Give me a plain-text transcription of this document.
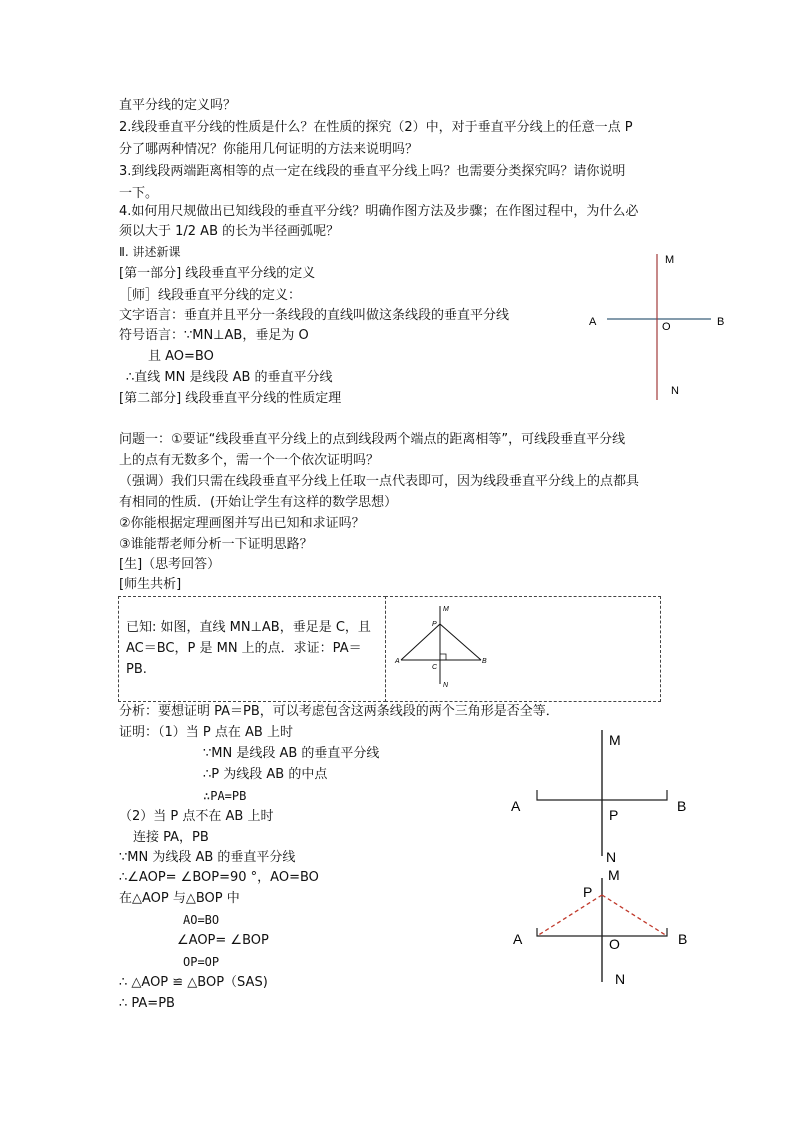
直平分线的定义吗？
2.线段垂直平分线的性质是什么？在性质的探究（2）中，对于垂直平分线上的任意一点 P
分了哪两种情况？你能用几何证明的方法来说明吗？
3.到线段两端距离相等的点一定在线段的垂直平分线上吗？也需要分类探究吗？请你说明
一下。
4.如何用尺规做出已知线段的垂直平分线？明确作图方法及步骤；在作图过程中，为什么必
须以大于 1/2 AB 的长为半径画弧呢？
Ⅱ. 讲述新课
[第一部分] 线段垂直平分线的定义
［师］线段垂直平分线的定义：
文字语言：垂直并且平分一条线段的直线叫做这条线段的垂直平分线
符号语言：∵MN⊥AB，垂足为 O
且 AO=BO
∴直线 MN 是线段 AB 的垂直平分线
[第二部分] 线段垂直平分线的性质定理
M
A	O	B
N
问题一：①要证“线段垂直平分线上的点到线段两个端点的距离相等”，可线段垂直平分线
上的点有无数多个，需一个一个依次证明吗？
（强调）我们只需在线段垂直平分线上任取一点代表即可，因为线段垂直平分线上的点都具
有相同的性质．(开始让学生有这样的数学思想）
②你能根据定理画图并写出已知和求证吗？
③谁能帮老师分析一下证明思路？
[生]（思考回答）
[师生共析]
已知: 如图，直线 MN⊥AB，垂足是 C，且
AC＝BC，P 是 MN 上的点．求证：PA＝
PB.
M
P
A
C
B
N
分析：要想证明 PA＝PB，可以考虑包含这两条线段的两个三角形是否全等．
证明：（1）当 P 点在 AB 上时
∵MN 是线段 AB 的垂直平分线
∴P 为线段 AB 的中点
∴PA=PB
（2）当 P 点不在 AB 上时
连接 PA，PB
∵MN 为线段 AB 的垂直平分线
∴∠AOP= ∠BOP=90 °，AO=BO
在△AOP 与△BOP 中
AO=BO
∠AOP= ∠BOP
OP=OP
∴ △AOP ≌ △BOP（SAS)
∴ PA=PB
M
A
P
B
N
M
P
A	O	B
N
